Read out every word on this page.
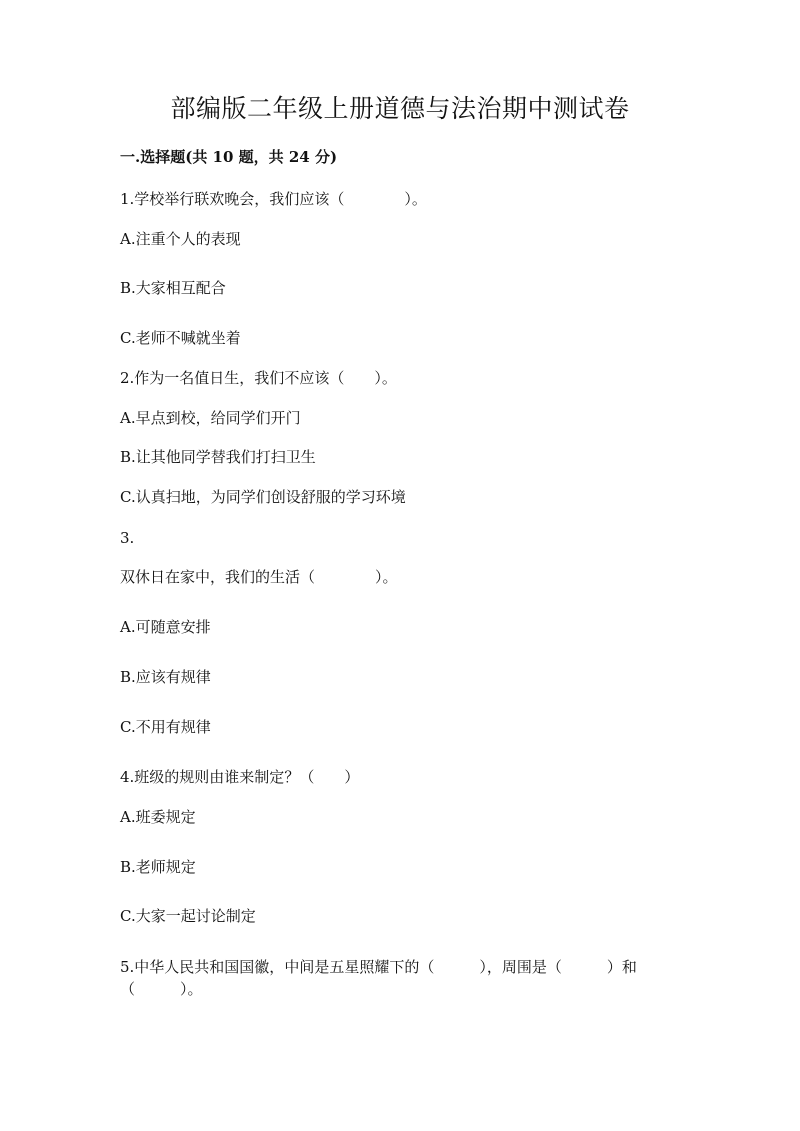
部编版二年级上册道德与法治期中测试卷
一.选择题(共 10 题，共 24 分)
1.学校举行联欢晚会，我们应该（　　　　）。
A.注重个人的表现
B.大家相互配合
C.老师不喊就坐着
2.作为一名值日生，我们不应该（　　）。
A.早点到校，给同学们开门
B.让其他同学替我们打扫卫生
C.认真扫地，为同学们创设舒服的学习环境
3.
双休日在家中，我们的生活（　　　　）。
A.可随意安排
B.应该有规律
C.不用有规律
4.班级的规则由谁来制定？（　　）
A.班委规定
B.老师规定
C.大家一起讨论制定
5.中华人民共和国国徽，中间是五星照耀下的（　　　），周围是（　　　）和
（　　　）。
